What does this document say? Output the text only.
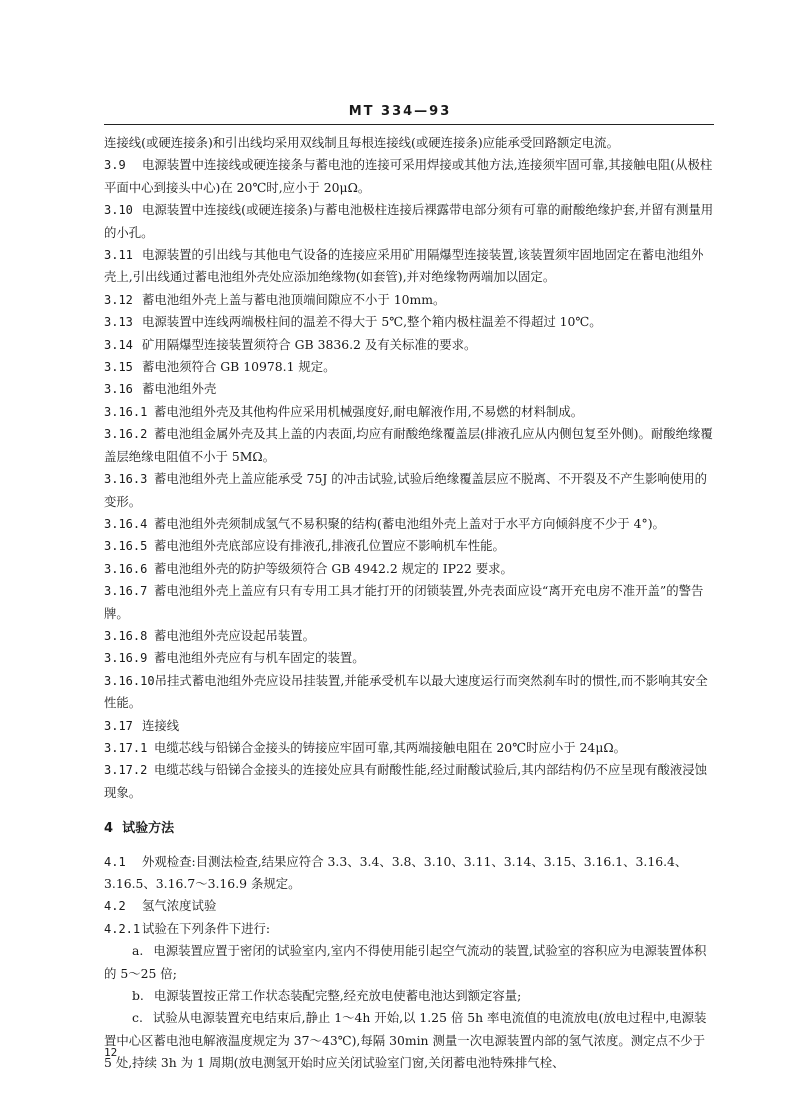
MT 334—93

连接线(或硬连接条)和引出线均采用双线制且每根连接线(或硬连接条)应能承受回路额定电流。

3.9 电源装置中连接线或硬连接条与蓄电池的连接可采用焊接或其他方法,连接须牢固可靠,其接触电阻(从极柱平面中心到接头中心)在 20℃时,应小于 20μΩ。

3.10 电源装置中连接线(或硬连接条)与蓄电池极柱连接后裸露带电部分须有可靠的耐酸绝缘护套,并留有测量用的小孔。

3.11 电源装置的引出线与其他电气设备的连接应采用矿用隔爆型连接装置,该装置须牢固地固定在蓄电池组外壳上,引出线通过蓄电池组外壳处应添加绝缘物(如套管),并对绝缘物两端加以固定。

3.12 蓄电池组外壳上盖与蓄电池顶端间隙应不小于 10mm。

3.13 电源装置中连线两端极柱间的温差不得大于 5℃,整个箱内极柱温差不得超过 10℃。

3.14 矿用隔爆型连接装置须符合 GB 3836.2 及有关标准的要求。

3.15 蓄电池须符合 GB 10978.1 规定。

3.16 蓄电池组外壳

3.16.1 蓄电池组外壳及其他构件应采用机械强度好,耐电解液作用,不易燃的材料制成。

3.16.2 蓄电池组金属外壳及其上盖的内表面,均应有耐酸绝缘覆盖层(排液孔应从内侧包复至外侧)。耐酸绝缘覆盖层绝缘电阻值不小于 5MΩ。

3.16.3 蓄电池组外壳上盖应能承受 75J 的冲击试验,试验后绝缘覆盖层应不脱离、不开裂及不产生影响使用的变形。

3.16.4 蓄电池组外壳须制成氢气不易积聚的结构(蓄电池组外壳上盖对于水平方向倾斜度不少于 4°)。

3.16.5 蓄电池组外壳底部应设有排液孔,排液孔位置应不影响机车性能。

3.16.6 蓄电池组外壳的防护等级须符合 GB 4942.2 规定的 IP22 要求。

3.16.7 蓄电池组外壳上盖应有只有专用工具才能打开的闭锁装置,外壳表面应设“离开充电房不准开盖”的警告牌。

3.16.8 蓄电池组外壳应设起吊装置。

3.16.9 蓄电池组外壳应有与机车固定的装置。

3.16.10吊挂式蓄电池组外壳应设吊挂装置,并能承受机车以最大速度运行而突然刹车时的惯性,而不影响其安全性能。

3.17 连接线

3.17.1 电缆芯线与铅锑合金接头的铸接应牢固可靠,其两端接触电阻在 20℃时应小于 24μΩ。

3.17.2 电缆芯线与铅锑合金接头的连接处应具有耐酸性能,经过耐酸试验后,其内部结构仍不应呈现有酸液浸蚀现象。

4 试验方法

4.1 外观检查:目测法检查,结果应符合 3.3、3.4、3.8、3.10、3.11、3.14、3.15、3.16.1、3.16.4、3.16.5、3.16.7～3.16.9 条规定。

4.2 氢气浓度试验

4.2.1 试验在下列条件下进行:

a. 电源装置应置于密闭的试验室内,室内不得使用能引起空气流动的装置,试验室的容积应为电源装置体积的 5～25 倍;

b. 电源装置按正常工作状态装配完整,经充放电使蓄电池达到额定容量;

c. 试验从电源装置充电结束后,静止 1～4h 开始,以 1.25 倍 5h 率电流值的电流放电(放电过程中,电源装置中心区蓄电池电解液温度规定为 37～43℃),每隔 30min 测量一次电源装置内部的氢气浓度。测定点不少于 5 处,持续 3h 为 1 周期(放电测氢开始时应关闭试验室门窗,关闭蓄电池特殊排气栓、

12
